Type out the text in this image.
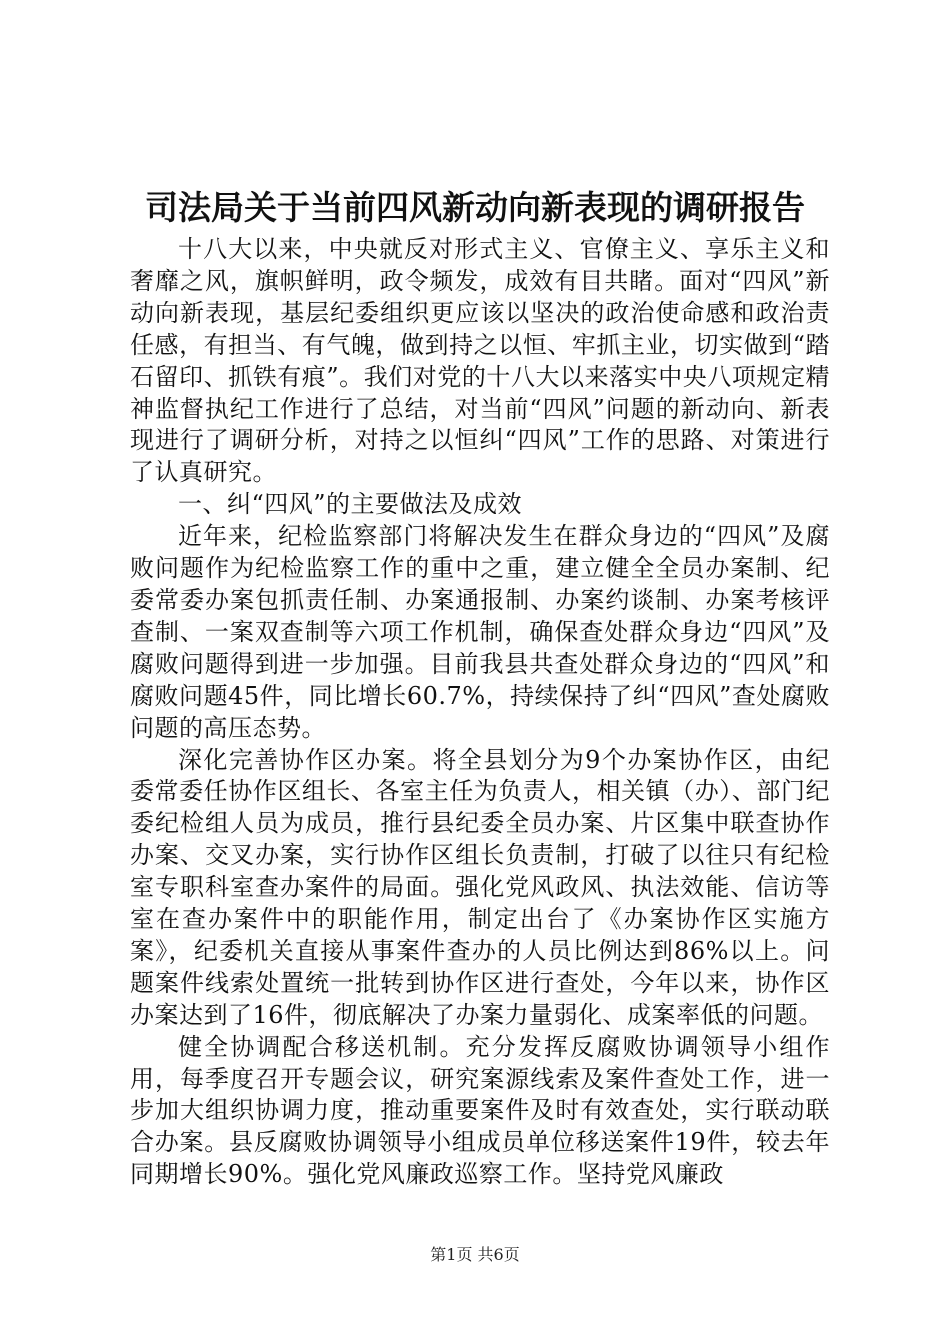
司法局关于当前四风新动向新表现的调研报告

十八大以来，中央就反对形式主义、官僚主义、享乐主义和奢靡之风，旗帜鲜明，政令频发，成效有目共睹。面对“四风”新动向新表现，基层纪委组织更应该以坚决的政治使命感和政治责任感，有担当、有气魄，做到持之以恒、牢抓主业，切实做到“踏石留印、抓铁有痕”。我们对党的十八大以来落实中央八项规定精神监督执纪工作进行了总结，对当前“四风”问题的新动向、新表现进行了调研分析，对持之以恒纠“四风”工作的思路、对策进行了认真研究。

一、纠“四风”的主要做法及成效

近年来，纪检监察部门将解决发生在群众身边的“四风”及腐败问题作为纪检监察工作的重中之重，建立健全全员办案制、纪委常委办案包抓责任制、办案通报制、办案约谈制、办案考核评查制、一案双查制等六项工作机制，确保查处群众身边“四风”及腐败问题得到进一步加强。目前我县共查处群众身边的“四风”和腐败问题45件，同比增长60.7%，持续保持了纠“四风”查处腐败问题的高压态势。

深化完善协作区办案。将全县划分为9个办案协作区，由纪委常委任协作区组长、各室主任为负责人，相关镇（办）、部门纪委纪检组人员为成员，推行县纪委全员办案、片区集中联查协作办案、交叉办案，实行协作区组长负责制，打破了以往只有纪检室专职科室查办案件的局面。强化党风政风、执法效能、信访等室在查办案件中的职能作用，制定出台了《办案协作区实施方案》，纪委机关直接从事案件查办的人员比例达到86%以上。问题案件线索处置统一批转到协作区进行查处，今年以来，协作区办案达到了16件，彻底解决了办案力量弱化、成案率低的问题。

健全协调配合移送机制。充分发挥反腐败协调领导小组作用，每季度召开专题会议，研究案源线索及案件查处工作，进一步加大组织协调力度，推动重要案件及时有效查处，实行联动联合办案。县反腐败协调领导小组成员单位移送案件19件，较去年同期增长90%。强化党风廉政巡察工作。坚持党风廉政

第1页 共6页
